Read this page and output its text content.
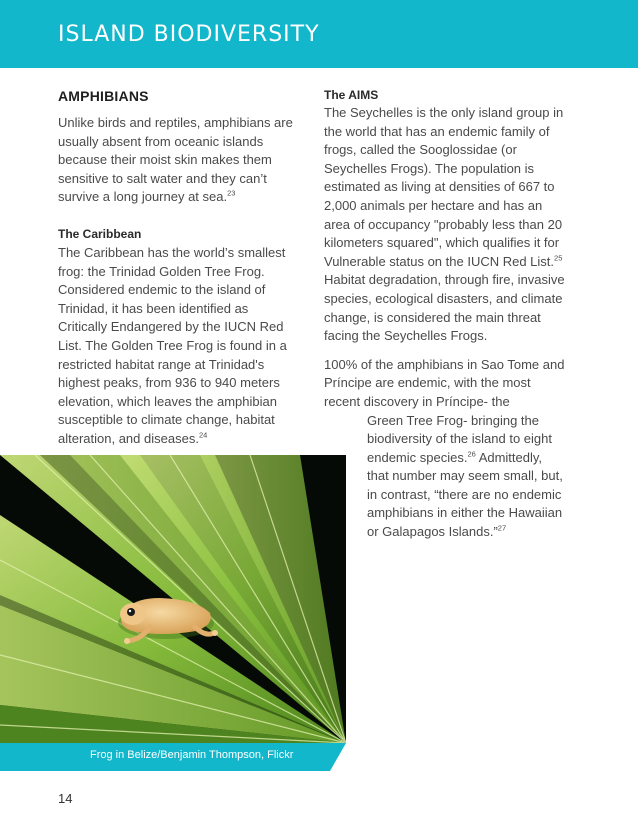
ISLAND BIODIVERSITY
AMPHIBIANS

Unlike birds and reptiles, amphibians are usually absent from oceanic islands because their moist skin makes them sensitive to salt water and they can’t survive a long journey at sea.$^{23}$

The Caribbean

The Caribbean has the world’s smallest frog: the Trinidad Golden Tree Frog. Considered endemic to the island of Trinidad, it has been identified as Critically Endangered by the IUCN Red List. The Golden Tree Frog is found in a restricted habitat range at Trinidad's highest peaks, from 936 to 940 meters elevation, which leaves the amphibian susceptible to climate change, habitat alteration, and diseases.$^{24}$

The AIMS

The Seychelles is the only island group in the world that has an endemic family of frogs, called the Sooglossidae (or Seychelles Frogs). The population is estimated as living at densities of 667 to 2,000 animals per hectare and has an area of occupancy "probably less than 20 kilometers squared", which qualifies it for Vulnerable status on the IUCN Red List.$^{25}$ Habitat degradation, through fire, invasive species, ecological disasters, and climate change, is considered the main threat facing the Seychelles Frogs.

100% of the amphibians in Sao Tome and Príncipe are endemic, with the most recent discovery in Príncipe- the

Green Tree Frog- bringing the biodiversity of the island to eight endemic species.$^{26}$ Admittedly, that number may seem small, but, in contrast, “there are no endemic amphibians in either the Hawaiian or Galapagos Islands.”$^{27}$

Frog in Belize/Benjamin Thompson, Flickr
14
